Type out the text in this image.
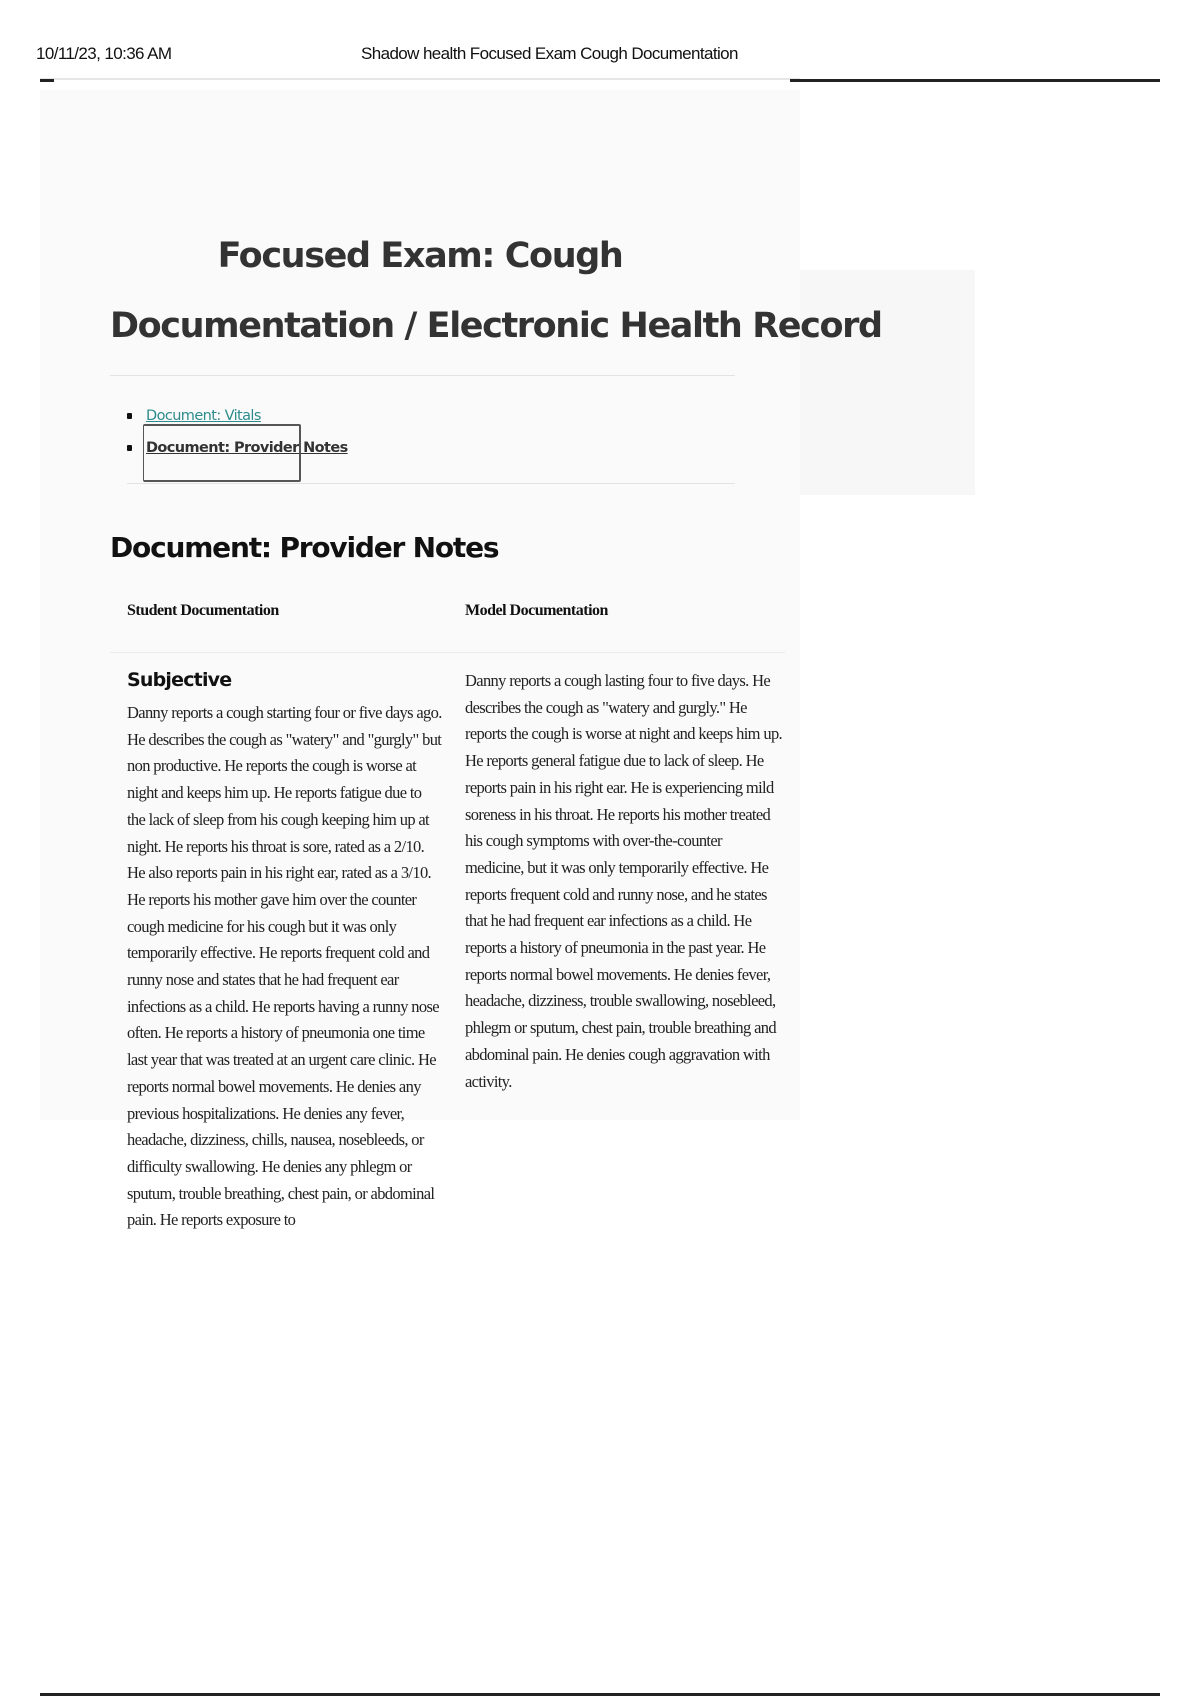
10/11/23, 10:36 AM	Shadow health Focused Exam Cough Documentation
Focused Exam: Cough
Documentation / Electronic Health Record
Document: Vitals
Document: Provider Notes
Document: Provider Notes
Student Documentation	Model Documentation
Subjective

Danny reports a cough starting four or five days ago. He describes the cough as "watery" and "gurgly" but non productive. He reports the cough is worse at night and keeps him up. He reports fatigue due to the lack of sleep from his cough keeping him up at night. He reports his throat is sore, rated as a 2/10. He also reports pain in his right ear, rated as a 3/10. He reports his mother gave him over the counter cough medicine for his cough but it was only temporarily effective. He reports frequent cold and runny nose and states that he had frequent ear infections as a child. He reports having a runny nose often. He reports a history of pneumonia one time last year that was treated at an urgent care clinic. He reports normal bowel movements. He denies any previous hospitalizations. He denies any fever, headache, dizziness, chills, nausea, nosebleeds, or difficulty swallowing. He denies any phlegm or sputum, trouble breathing, chest pain, or abdominal pain. He reports exposure to

Danny reports a cough lasting four to five days. He describes the cough as "watery and gurgly." He reports the cough is worse at night and keeps him up. He reports general fatigue due to lack of sleep. He reports pain in his right ear. He is experiencing mild soreness in his throat. He reports his mother treated his cough symptoms with over-the-counter medicine, but it was only temporarily effective. He reports frequent cold and runny nose, and he states that he had frequent ear infections as a child. He reports a history of pneumonia in the past year. He reports normal bowel movements. He denies fever, headache, dizziness, trouble swallowing, nosebleed, phlegm or sputum, chest pain, trouble breathing and abdominal pain. He denies cough aggravation with activity.
